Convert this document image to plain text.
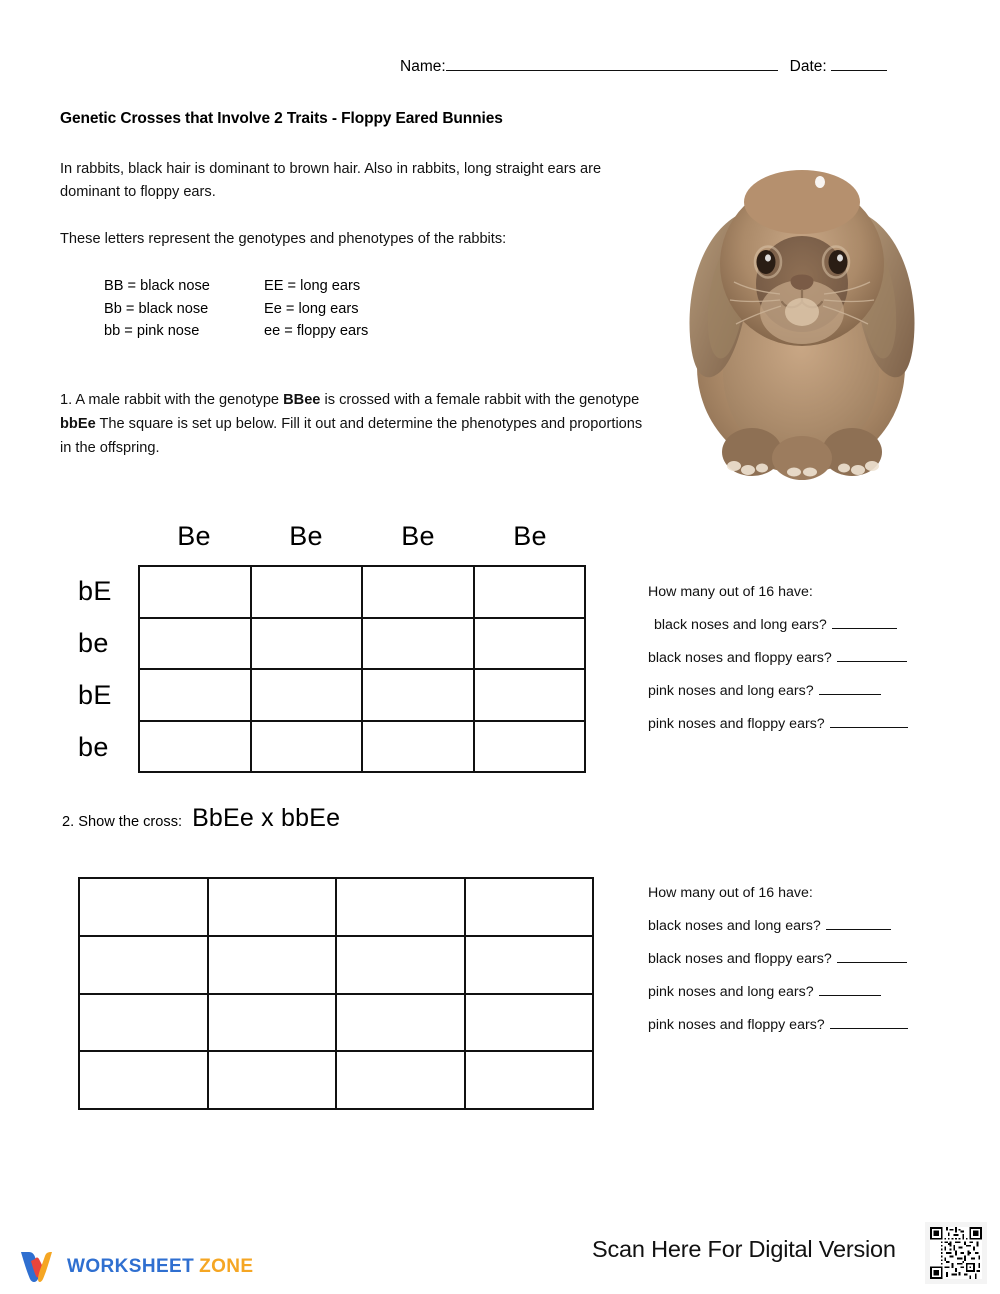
Name:	Date:
Genetic Crosses that Involve 2 Traits - Floppy Eared Bunnies
In rabbits, black hair is dominant to brown hair. Also in rabbits, long straight ears are dominant to floppy ears.
These letters represent the genotypes and phenotypes of the rabbits:
BB = black nose	EE = long ears
Bb = black nose	Ee = long ears
bb = pink nose	ee = floppy ears
1. A male rabbit with the genotype BBee is crossed with a female rabbit with the genotype bbEe The square is set up below. Fill it out and determine the phenotypes and proportions in the offspring.
Be	Be	Be	Be
bE
be
bE
be
How many out of 16 have:
black noses and long ears?
black noses and floppy ears?
pink noses and long ears?
pink noses and floppy ears?
2. Show the cross: BbEe x bbEe
How many out of 16 have:
black noses and long ears?
black noses and floppy ears?
pink noses and long ears?
pink noses and floppy ears?
WORKSHEET ZONE
Scan Here For Digital Version
